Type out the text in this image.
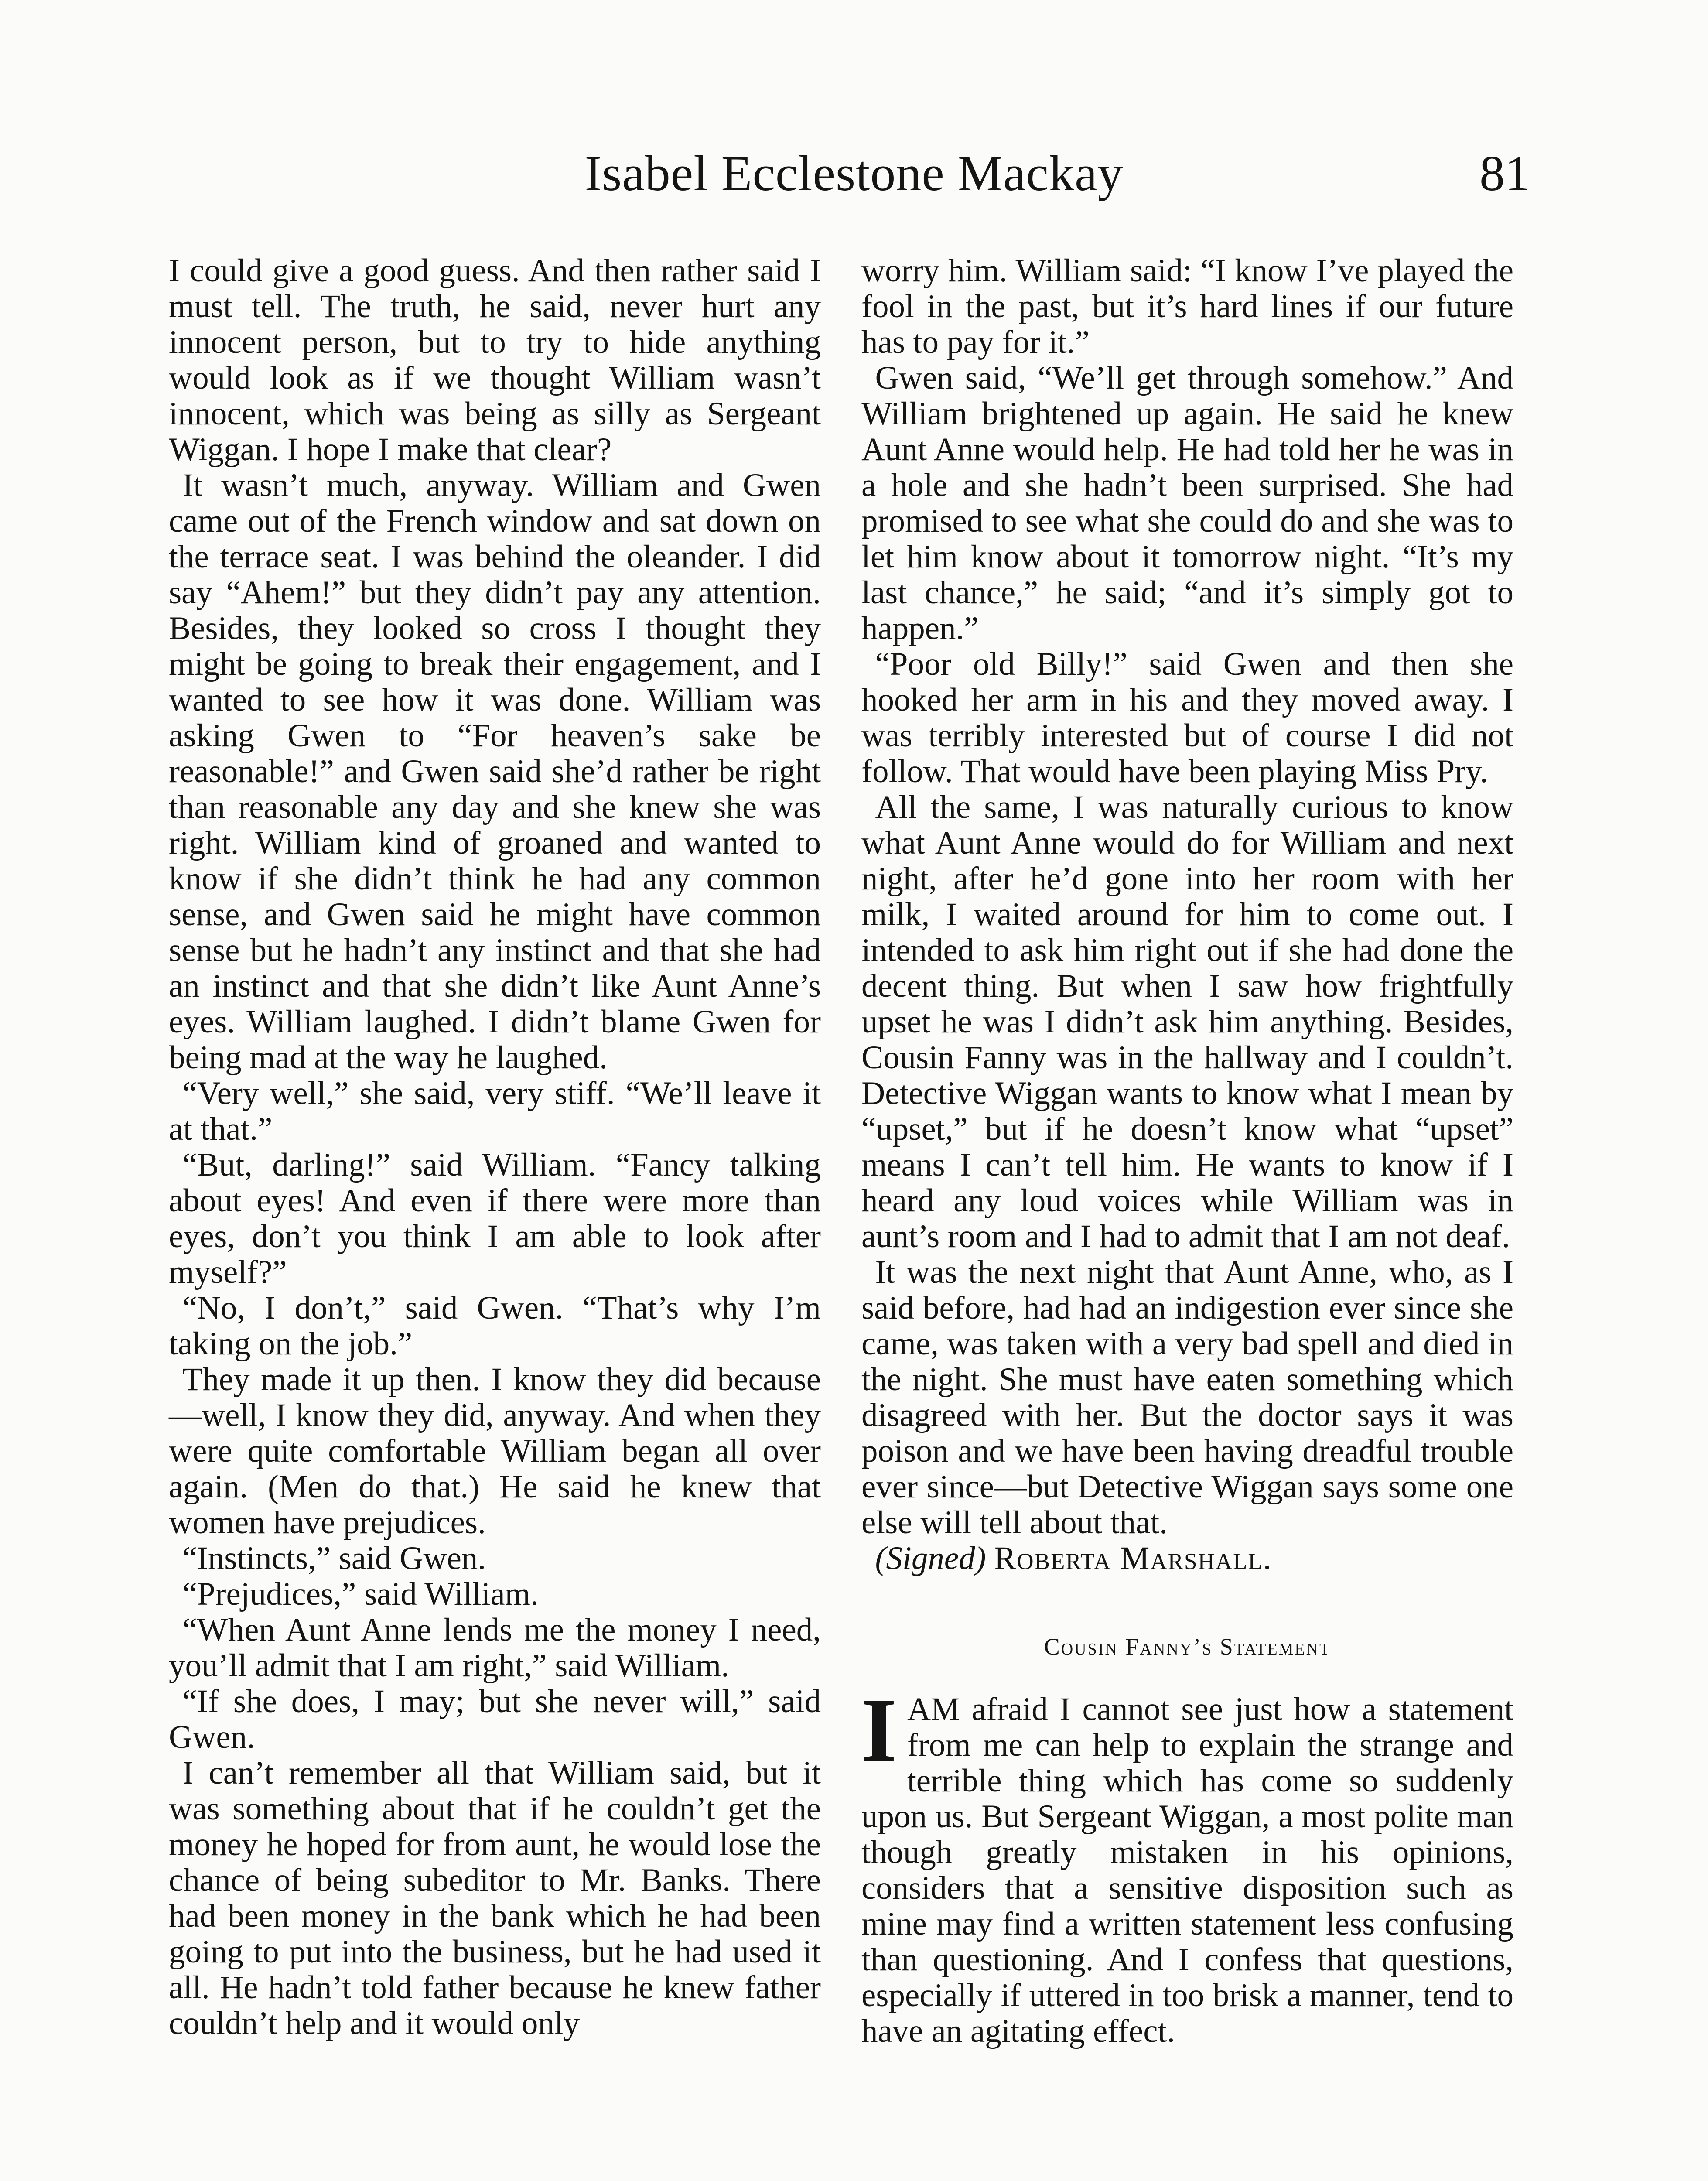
Isabel Ecclestone Mackay	81

I could give a good guess. And then rather said I must tell. The truth, he said, never hurt any innocent person, but to try to hide anything would look as if we thought William wasn’t innocent, which was being as silly as Sergeant Wiggan. I hope I make that clear?

It wasn’t much, anyway. William and Gwen came out of the French window and sat down on the terrace seat. I was behind the oleander. I did say “Ahem!” but they didn’t pay any attention. Besides, they looked so cross I thought they might be going to break their engagement, and I wanted to see how it was done. William was asking Gwen to “For heaven’s sake be reasonable!” and Gwen said she’d rather be right than reasonable any day and she knew she was right. William kind of groaned and wanted to know if she didn’t think he had any common sense, and Gwen said he might have common sense but he hadn’t any instinct and that she had an instinct and that she didn’t like Aunt Anne’s eyes. William laughed. I didn’t blame Gwen for being mad at the way he laughed.

“Very well,” she said, very stiff. “We’ll leave it at that.”

“But, darling!” said William. “Fancy talking about eyes! And even if there were more than eyes, don’t you think I am able to look after myself?”

“No, I don’t,” said Gwen. “That’s why I’m taking on the job.”

They made it up then. I know they did because—well, I know they did, anyway. And when they were quite comfortable William began all over again. (Men do that.) He said he knew that women have prejudices.

“Instincts,” said Gwen.

“Prejudices,” said William.

“When Aunt Anne lends me the money I need, you’ll admit that I am right,” said William.

“If she does, I may; but she never will,” said Gwen.

I can’t remember all that William said, but it was something about that if he couldn’t get the money he hoped for from aunt, he would lose the chance of being subeditor to Mr. Banks. There had been money in the bank which he had been going to put into the business, but he had used it all. He hadn’t told father because he knew father couldn’t help and it would only

worry him. William said: “I know I’ve played the fool in the past, but it’s hard lines if our future has to pay for it.”

Gwen said, “We’ll get through somehow.” And William brightened up again. He said he knew Aunt Anne would help. He had told her he was in a hole and she hadn’t been surprised. She had promised to see what she could do and she was to let him know about it tomorrow night. “It’s my last chance,” he said; “and it’s simply got to happen.”

“Poor old Billy!” said Gwen and then she hooked her arm in his and they moved away. I was terribly interested but of course I did not follow. That would have been playing Miss Pry.

All the same, I was naturally curious to know what Aunt Anne would do for William and next night, after he’d gone into her room with her milk, I waited around for him to come out. I intended to ask him right out if she had done the decent thing. But when I saw how frightfully upset he was I didn’t ask him anything. Besides, Cousin Fanny was in the hallway and I couldn’t. Detective Wiggan wants to know what I mean by “upset,” but if he doesn’t know what “upset” means I can’t tell him. He wants to know if I heard any loud voices while William was in aunt’s room and I had to admit that I am not deaf.

It was the next night that Aunt Anne, who, as I said before, had had an indigestion ever since she came, was taken with a very bad spell and died in the night. She must have eaten something which disagreed with her. But the doctor says it was poison and we have been having dreadful trouble ever since—but Detective Wiggan says some one else will tell about that.

(Signed) Roberta Marshall.

Cousin Fanny’s Statement

IAM afraid I cannot see just how a statement from me can help to explain the strange and terrible thing which has come so suddenly upon us. But Sergeant Wiggan, a most polite man though greatly mistaken in his opinions, considers that a sensitive disposition such as mine may find a written statement less confusing than questioning. And I confess that questions, especially if uttered in too brisk a manner, tend to have an agitating effect.
